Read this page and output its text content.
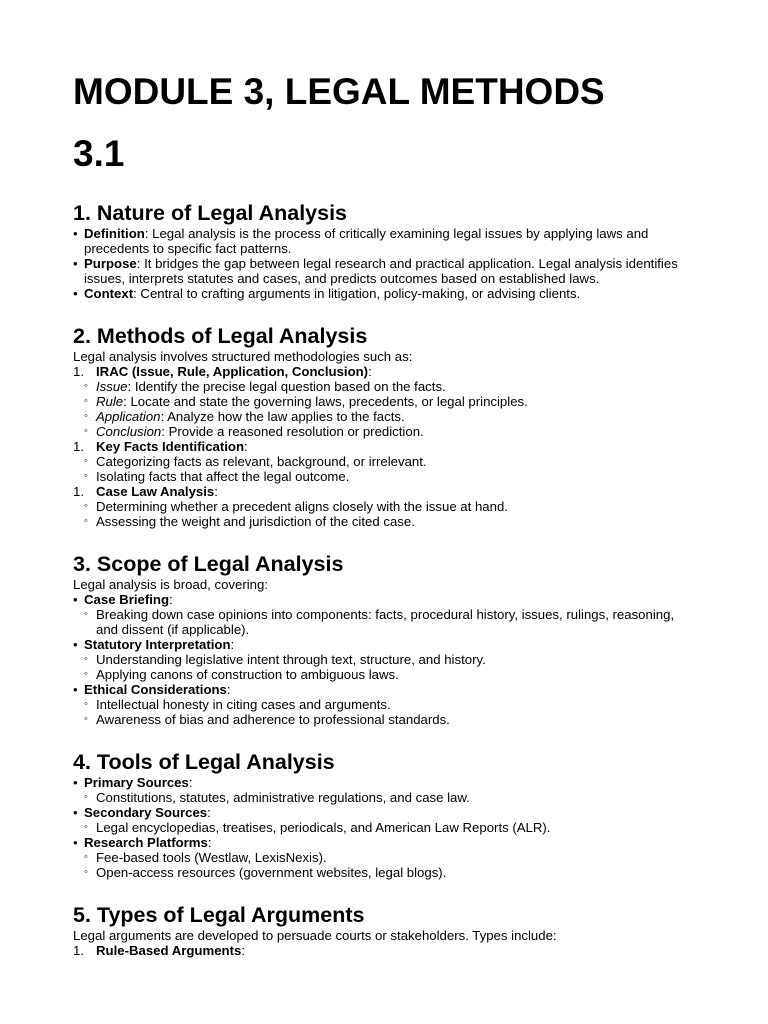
MODULE 3, LEGAL METHODS
3.1
1. Nature of Legal Analysis
• Definition: Legal analysis is the process of critically examining legal issues by applying laws and precedents to specific fact patterns.
• Purpose: It bridges the gap between legal research and practical application. Legal analysis identifies issues, interprets statutes and cases, and predicts outcomes based on established laws.
• Context: Central to crafting arguments in litigation, policy-making, or advising clients.
2. Methods of Legal Analysis
Legal analysis involves structured methodologies such as:
1. IRAC (Issue, Rule, Application, Conclusion):
◦ Issue: Identify the precise legal question based on the facts.
◦ Rule: Locate and state the governing laws, precedents, or legal principles.
◦ Application: Analyze how the law applies to the facts.
◦ Conclusion: Provide a reasoned resolution or prediction.
1. Key Facts Identification:
◦ Categorizing facts as relevant, background, or irrelevant.
◦ Isolating facts that affect the legal outcome.
1. Case Law Analysis:
◦ Determining whether a precedent aligns closely with the issue at hand.
◦ Assessing the weight and jurisdiction of the cited case.
3. Scope of Legal Analysis
Legal analysis is broad, covering:
• Case Briefing:
◦ Breaking down case opinions into components: facts, procedural history, issues, rulings, reasoning, and dissent (if applicable).
• Statutory Interpretation:
◦ Understanding legislative intent through text, structure, and history.
◦ Applying canons of construction to ambiguous laws.
• Ethical Considerations:
◦ Intellectual honesty in citing cases and arguments.
◦ Awareness of bias and adherence to professional standards.
4. Tools of Legal Analysis
• Primary Sources:
◦ Constitutions, statutes, administrative regulations, and case law.
• Secondary Sources:
◦ Legal encyclopedias, treatises, periodicals, and American Law Reports (ALR).
• Research Platforms:
◦ Fee-based tools (Westlaw, LexisNexis).
◦ Open-access resources (government websites, legal blogs).
5. Types of Legal Arguments
Legal arguments are developed to persuade courts or stakeholders. Types include:
1. Rule-Based Arguments:
